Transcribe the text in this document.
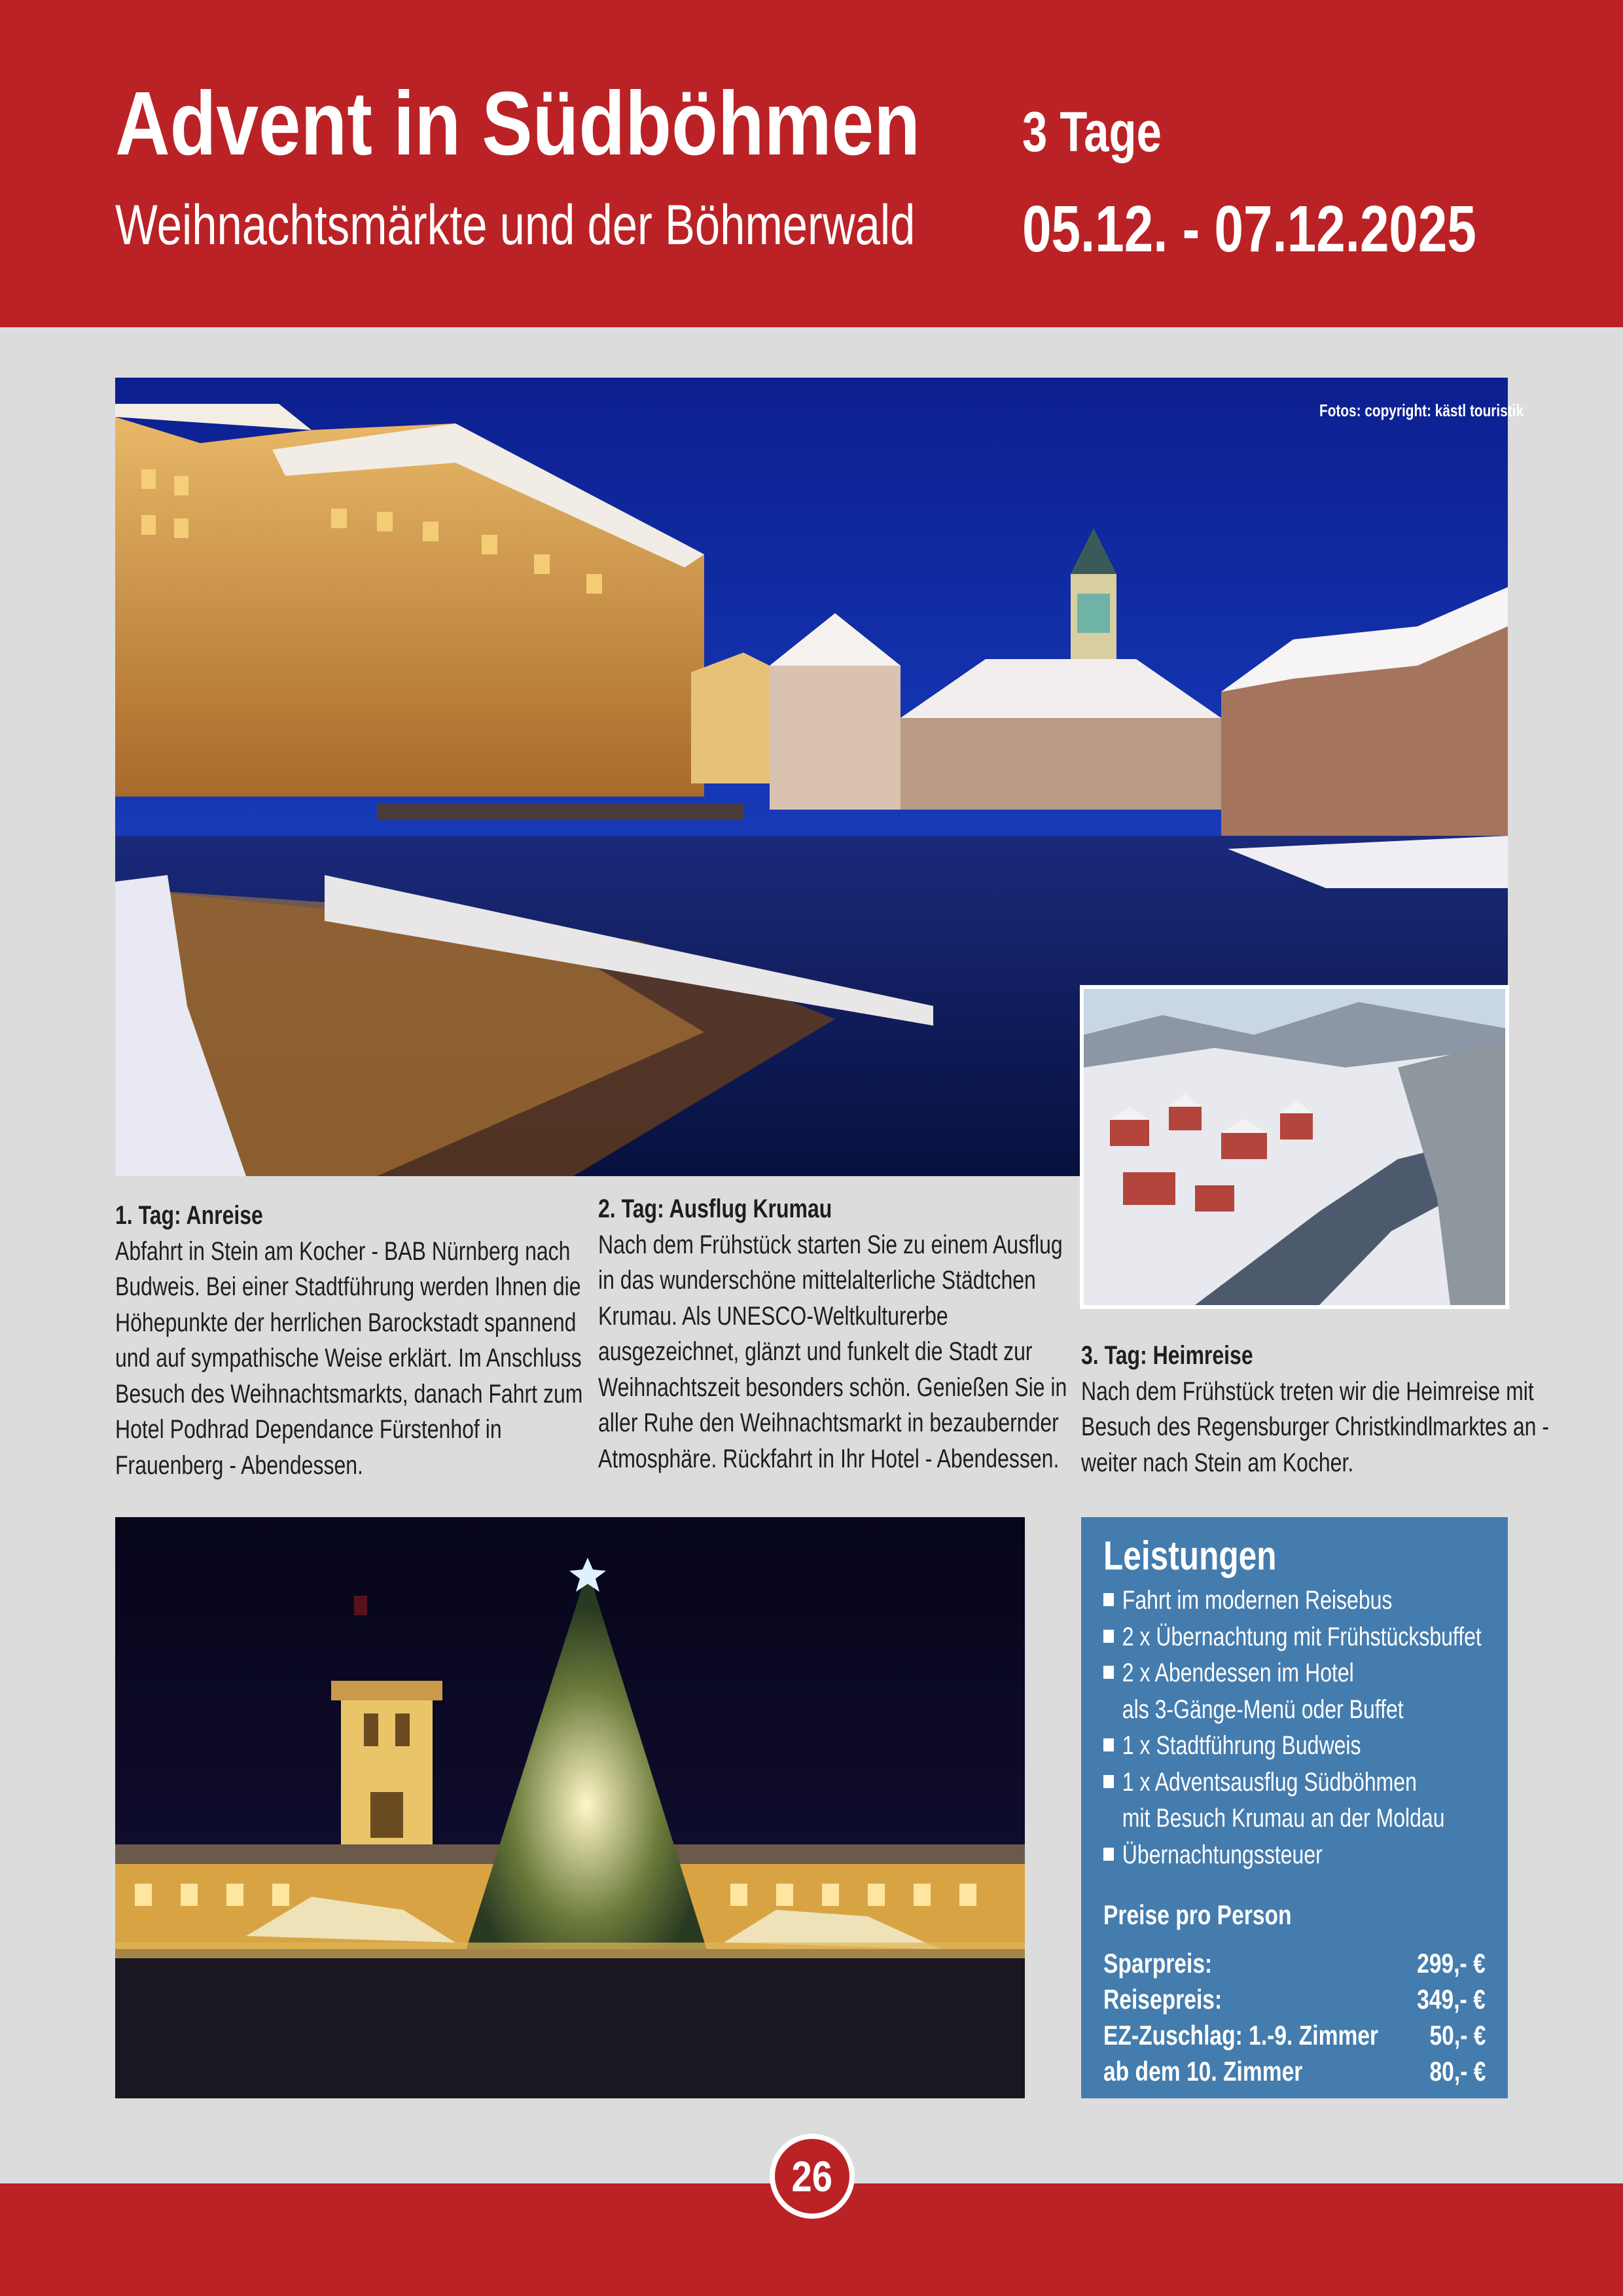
Advent in Südböhmen
Weihnachtsmärkte und der Böhmerwald
3 Tage
05.12. - 07.12.2025
Fotos: copyright: kästl touristik
1. Tag: Anreise

Abfahrt in Stein am Kocher - BAB Nürnberg nach

Budweis. Bei einer Stadtführung werden Ihnen die

Höhepunkte der herrlichen Barockstadt spannend

und auf sympathische Weise erklärt. Im Anschluss

Besuch des Weihnachtsmarkts, danach Fahrt zum

Hotel Podhrad Dependance Fürstenhof in

Frauenberg - Abendessen.

2. Tag: Ausflug Krumau

Nach dem Frühstück starten Sie zu einem Ausflug

in das wunderschöne mittelalterliche Städtchen

Krumau. Als UNESCO-Weltkulturerbe

ausgezeichnet, glänzt und funkelt die Stadt zur

Weihnachtszeit besonders schön. Genießen Sie in

aller Ruhe den Weihnachtsmarkt in bezaubernder

Atmosphäre. Rückfahrt in Ihr Hotel - Abendessen.

3. Tag: Heimreise

Nach dem Frühstück treten wir die Heimreise mit

Besuch des Regensburger Christkindlmarktes an -

weiter nach Stein am Kocher.

Leistungen
Fahrt im modernen Reisebus
2 x Übernachtung mit Frühstücksbuffet
2 x Abendessen im Hotel
als 3-Gänge-Menü oder Buffet
1 x Stadtführung Budweis
1 x Adventsausflug Südböhmen
mit Besuch Krumau an der Moldau
Übernachtungssteuer
Preise pro Person
Sparpreis:	299,- €
Reisepreis:	349,- €
EZ-Zuschlag: 1.-9. Zimmer 50,- €
ab dem 10. Zimmer	80,- €
26
